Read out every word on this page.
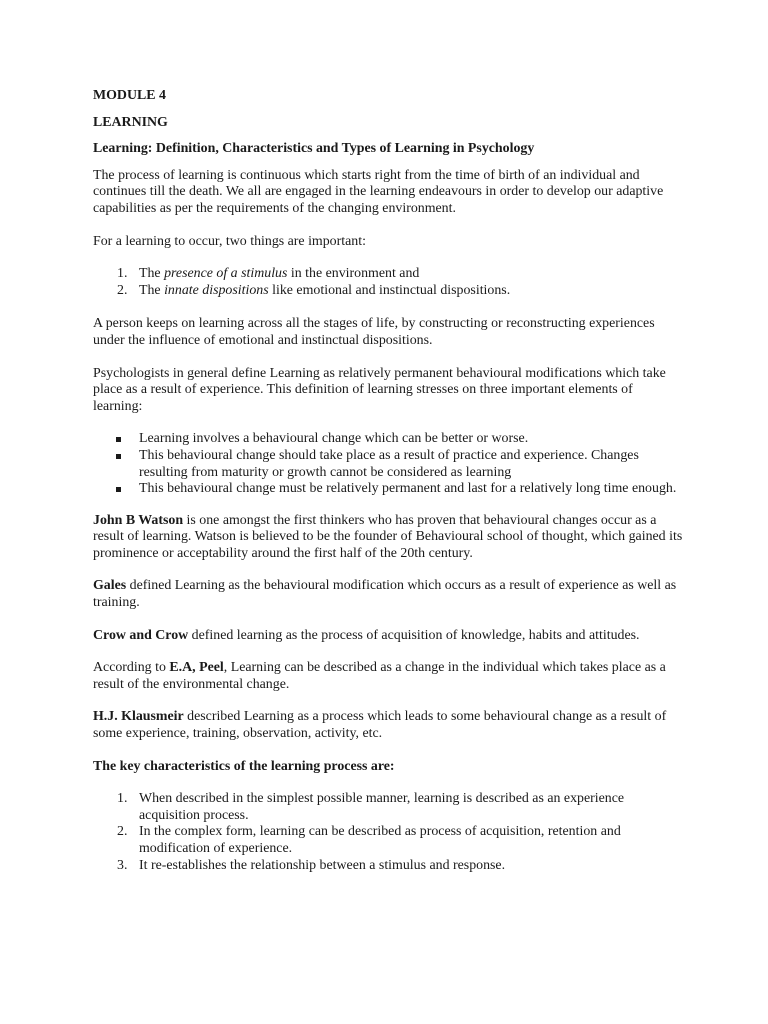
MODULE 4
LEARNING
Learning: Definition, Characteristics and Types of Learning in Psychology

The process of learning is continuous which starts right from the time of birth of an individual and continues till the death. We all are engaged in the learning endeavours in order to develop our adaptive capabilities as per the requirements of the changing environment.

For a learning to occur, two things are important:

1. The presence of a stimulus in the environment and
2. The innate dispositions like emotional and instinctual dispositions.

A person keeps on learning across all the stages of life, by constructing or reconstructing experiences under the influence of emotional and instinctual dispositions.

Psychologists in general define Learning as relatively permanent behavioural modifications which take place as a result of experience. This definition of learning stresses on three important elements of learning:

Learning involves a behavioural change which can be better or worse.
This behavioural change should take place as a result of practice and experience. Changes resulting from maturity or growth cannot be considered as learning
This behavioural change must be relatively permanent and last for a relatively long time enough.

John B Watson is one amongst the first thinkers who has proven that behavioural changes occur as a result of learning. Watson is believed to be the founder of Behavioural school of thought, which gained its prominence or acceptability around the first half of the 20th century.

Gales defined Learning as the behavioural modification which occurs as a result of experience as well as training.

Crow and Crow defined learning as the process of acquisition of knowledge, habits and attitudes.

According to E.A, Peel, Learning can be described as a change in the individual which takes place as a result of the environmental change.

H.J. Klausmeir described Learning as a process which leads to some behavioural change as a result of some experience, training, observation, activity, etc.

The key characteristics of the learning process are:

1. When described in the simplest possible manner, learning is described as an experience acquisition process.
2. In the complex form, learning can be described as process of acquisition, retention and modification of experience.
3. It re-establishes the relationship between a stimulus and response.
